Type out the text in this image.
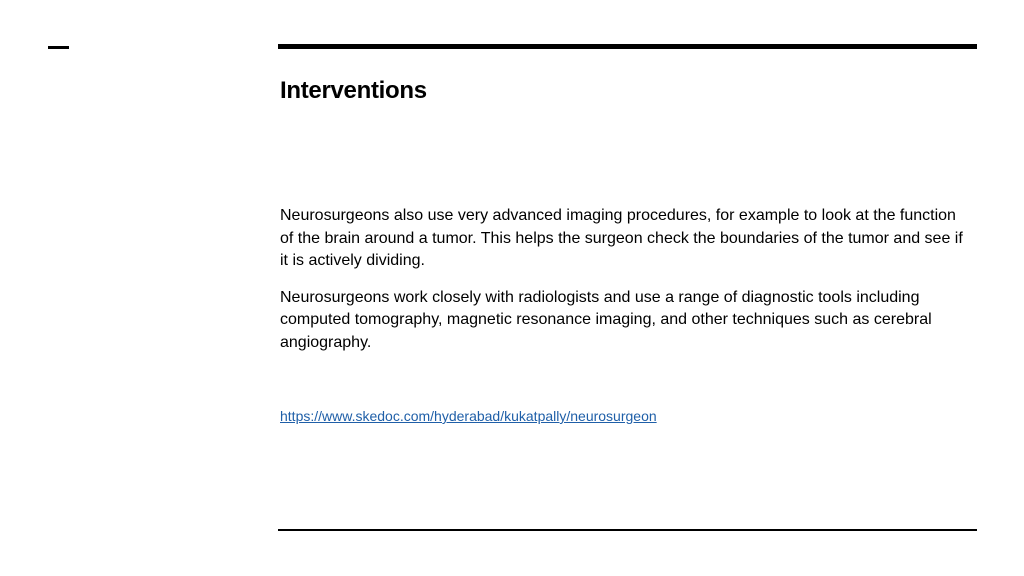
Interventions

Neurosurgeons also use very advanced imaging procedures, for example to look at the function of the brain around a tumor. This helps the surgeon check the boundaries of the tumor and see if it is actively dividing.

Neurosurgeons work closely with radiologists and use a range of diagnostic tools including computed tomography, magnetic resonance imaging, and other techniques such as cerebral angiography.

https://www.skedoc.com/hyderabad/kukatpally/neurosurgeon
